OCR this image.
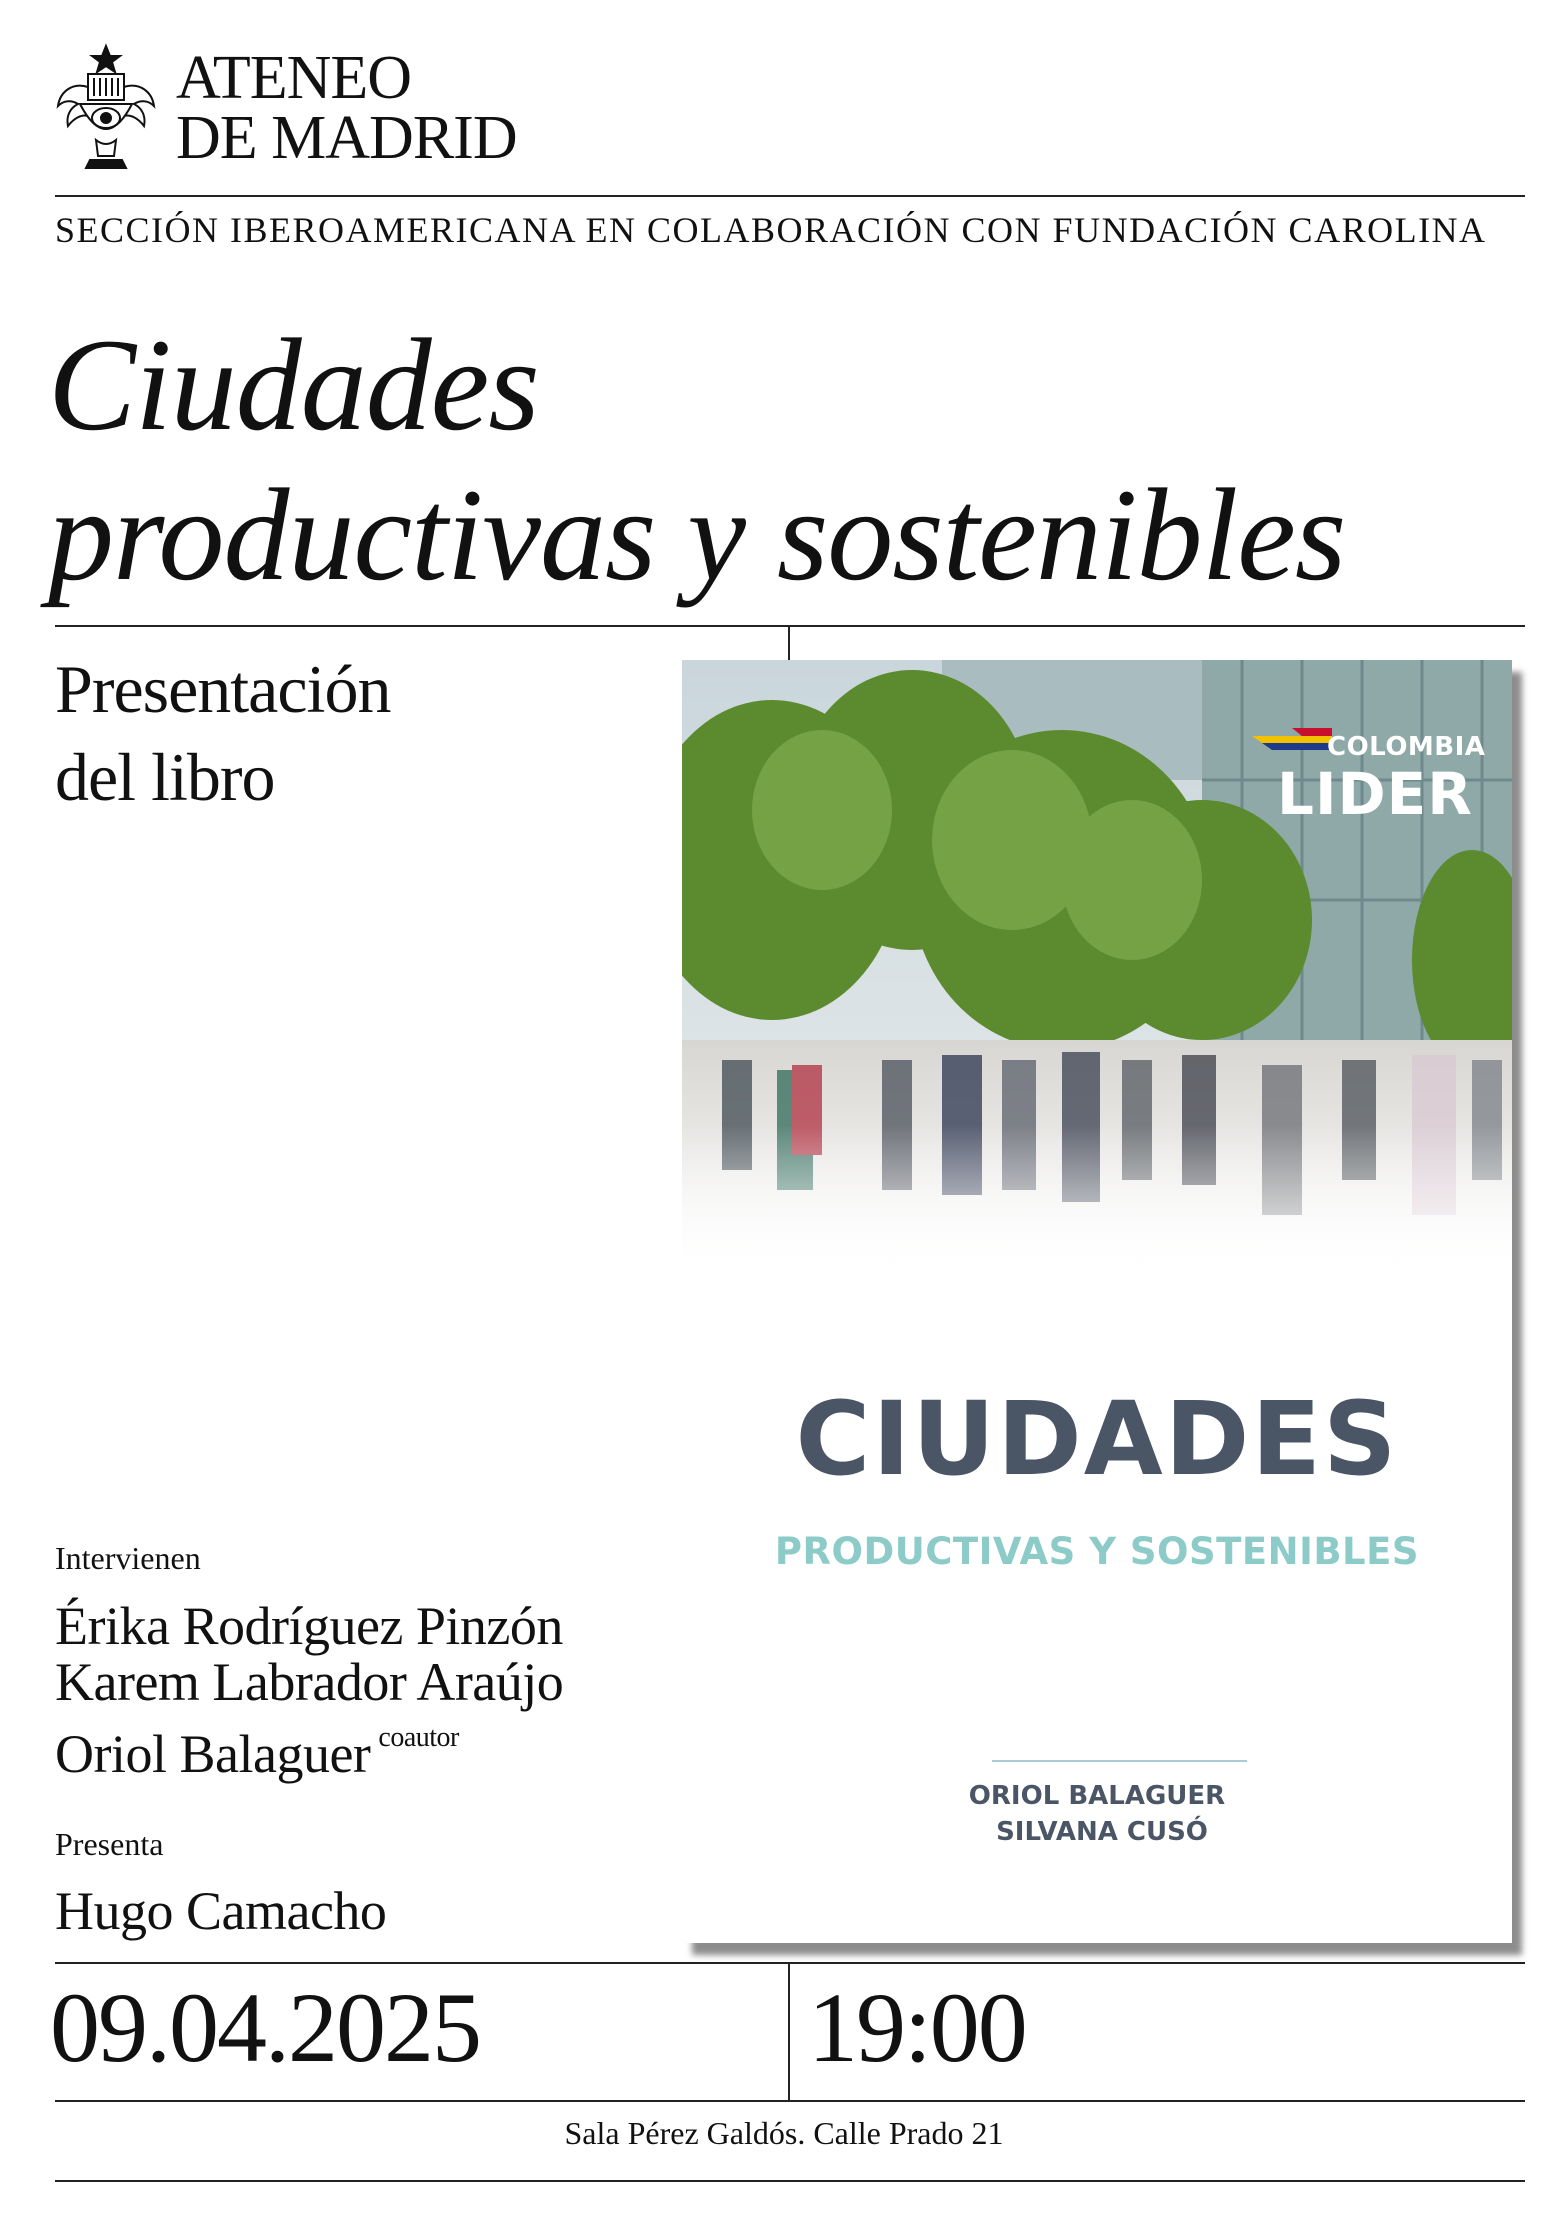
ATENEO
DE MADRID
SECCIÓN IBEROAMERICANA EN COLABORACIÓN CON FUNDACIÓN CAROLINA
Ciudades
productivas y sostenibles
Presentación
del libro	COLOMBIA
LIDER
CIUDADES
PRODUCTIVAS Y SOSTENIBLES
ORIOL BALAGUER
SILVANA CUSÓ
Intervienen
Érika Rodríguez Pinzón
Karem Labrador Araújo
Oriol Balaguer $^{coautor}$
Presenta
Hugo Camacho
09.04.2025	19:00
Sala Pérez Galdós. Calle Prado 21
